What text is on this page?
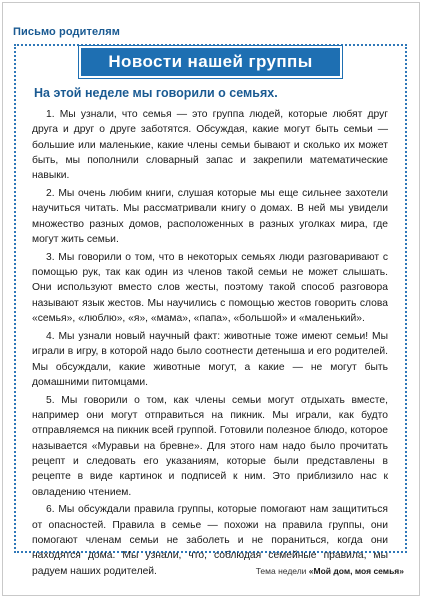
Письмо родителям
Новости нашей группы
На этой неделе мы говорили о семьях.

1. Мы узнали, что семья — это группа людей, которые любят друг друга и друг о друге заботятся. Обсуждая, какие могут быть семьи — большие или маленькие, какие члены семьи бывают и сколько их может быть, мы пополнили словарный запас и закрепили математические навыки.

2. Мы очень любим книги, слушая которые мы еще сильнее захотели научиться читать. Мы рассматривали книгу о домах. В ней мы увидели множество разных домов, расположенных в разных уголках мира, где могут жить семьи.

3. Мы говорили о том, что в некоторых семьях люди разговаривают с помощью рук, так как один из членов такой семьи не может слышать. Они используют вместо слов жесты, поэтому такой способ разговора называют язык жестов. Мы научились с помощью жестов говорить слова «семья», «люблю», «я», «мама», «папа», «большой» и «маленький».

4. Мы узнали новый научный факт: животные тоже имеют семьи! Мы играли в игру, в которой надо было соотнести детеныша и его родителей. Мы обсуждали, какие животные могут, а какие — не могут быть домашними питомцами.

5. Мы говорили о том, как члены семьи могут отдыхать вместе, например они могут отправиться на пикник. Мы играли, как будто отправляемся на пикник всей группой. Готовили полезное блюдо, которое называется «Муравьи на бревне». Для этого нам надо было прочитать рецепт и следовать его указаниям, которые были представлены в рецепте в виде картинок и подписей к ним. Это приблизило нас к овладению чтением.

6. Мы обсуждали правила группы, которые помогают нам защититься от опасностей. Правила в семье — похожи на правила группы, они помогают членам семьи не заболеть и не пораниться, когда они находятся дома. Мы узнали, что, соблюдая семейные правила, мы радуем наших родителей.	Тема недели «Мой дом, моя семья»
